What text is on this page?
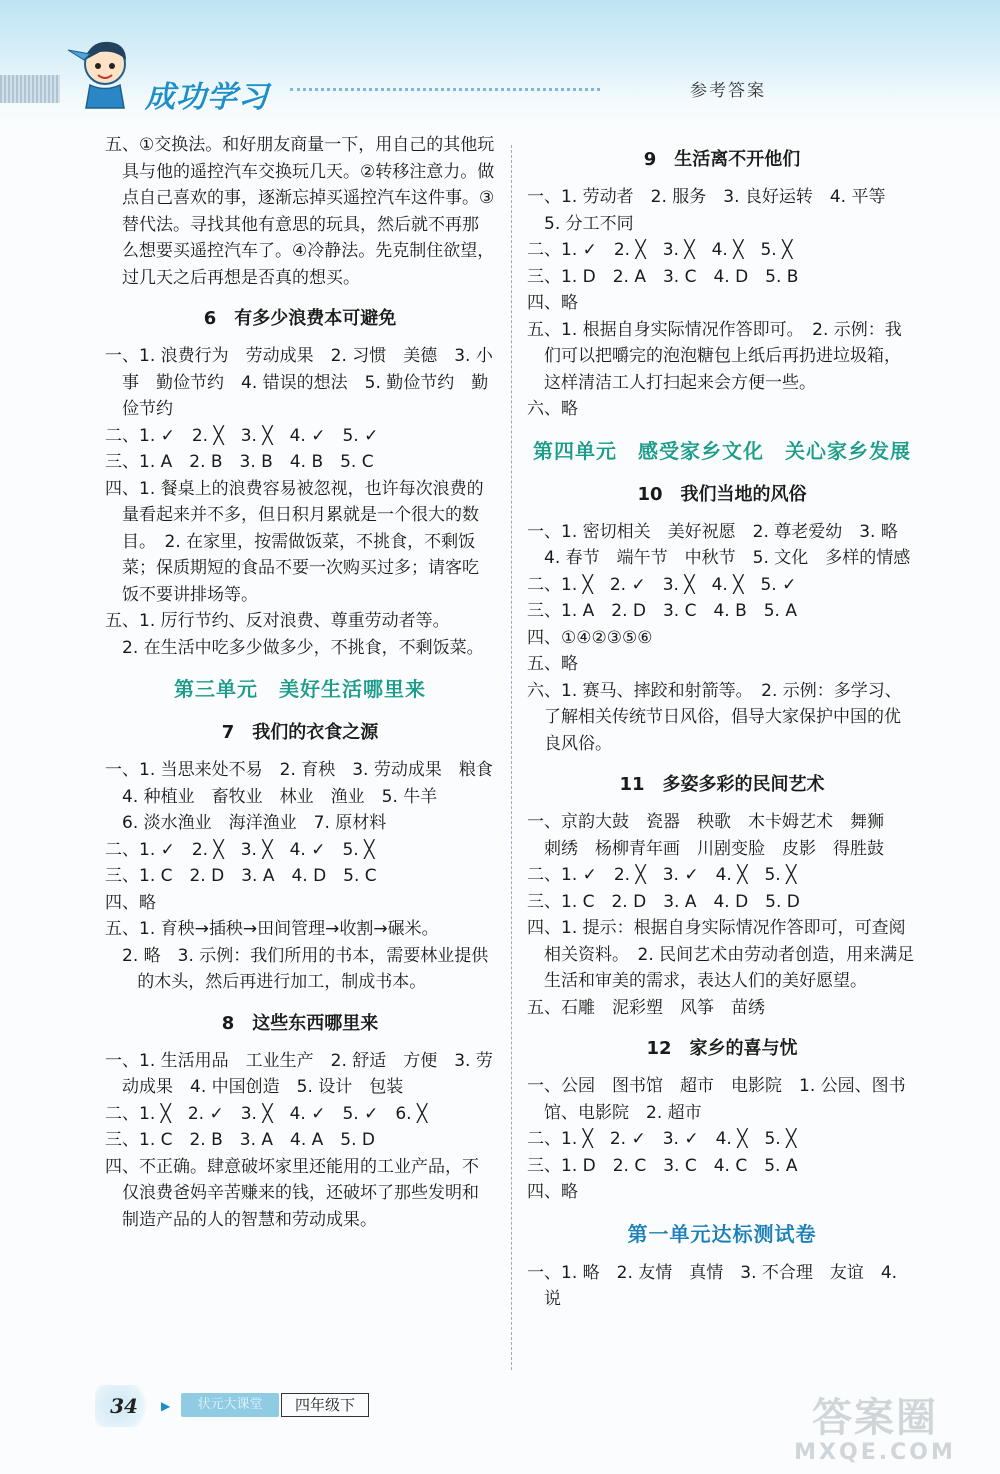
成功学习	参考答案

五、①交换法。和好朋友商量一下，用自己的其他玩具与他的遥控汽车交换玩几天。②转移注意力。做点自己喜欢的事，逐渐忘掉买遥控汽车这件事。③替代法。寻找其他有意思的玩具，然后就不再那么想要买遥控汽车了。④冷静法。先克制住欲望，过几天之后再想是否真的想买。

6　有多少浪费本可避免

一、1. 浪费行为　劳动成果　2. 习惯　美德　3. 小事　勤俭节约　4. 错误的想法　5. 勤俭节约　勤俭节约

二、1. ✓　2. ╳　3. ╳　4. ✓　5. ✓

三、1. A　2. B　3. B　4. B　5. C

四、1. 餐桌上的浪费容易被忽视，也许每次浪费的量看起来并不多，但日积月累就是一个很大的数目。　2. 在家里，按需做饭菜，不挑食，不剩饭菜；保质期短的食品不要一次购买过多；请客吃饭不要讲排场等。

五、1. 厉行节约、反对浪费、尊重劳动者等。

2. 在生活中吃多少做多少，不挑食，不剩饭菜。

第三单元　美好生活哪里来
7　我们的衣食之源

一、1. 当思来处不易　2. 育秧　3. 劳动成果　粮食

4. 种植业　畜牧业　林业　渔业　5. 牛羊

6. 淡水渔业　海洋渔业　7. 原材料

二、1. ✓　2. ╳　3. ╳　4. ✓　5. ╳

三、1. C　2. D　3. A　4. D　5. C

四、略

五、1. 育秧→插秧→田间管理→收割→碾米。

2. 略　3. 示例：我们所用的书本，需要林业提供的木头，然后再进行加工，制成书本。

8　这些东西哪里来

一、1. 生活用品　工业生产　2. 舒适　方便　3. 劳动成果　4. 中国创造　5. 设计　包装

二、1. ╳　2. ✓　3. ╳　4. ✓　5. ✓　6. ╳

三、1. C　2. B　3. A　4. A　5. D

四、不正确。肆意破坏家里还能用的工业产品，不仅浪费爸妈辛苦赚来的钱，还破坏了那些发明和制造产品的人的智慧和劳动成果。

9　生活离不开他们

一、1. 劳动者　2. 服务　3. 良好运转　4. 平等

5. 分工不同

二、1. ✓　2. ╳　3. ╳　4. ╳　5. ╳

三、1. D　2. A　3. C　4. D　5. B

四、略

五、1. 根据自身实际情况作答即可。　2. 示例：我们可以把嚼完的泡泡糖包上纸后再扔进垃圾箱，这样清洁工人打扫起来会方便一些。

六、略

第四单元　感受家乡文化　关心家乡发展
10　我们当地的风俗

一、1. 密切相关　美好祝愿　2. 尊老爱幼　3. 略

4. 春节　端午节　中秋节　5. 文化　多样的情感

二、1. ╳　2. ✓　3. ╳　4. ╳　5. ✓

三、1. A　2. D　3. C　4. B　5. A

四、①④②③⑤⑥

五、略

六、1. 赛马、摔跤和射箭等。　2. 示例：多学习、了解相关传统节日风俗，倡导大家保护中国的优良风俗。

11　多姿多彩的民间艺术

一、京韵大鼓　瓷器　秧歌　木卡姆艺术　舞狮

刺绣　杨柳青年画　川剧变脸　皮影　得胜鼓

二、1. ✓　2. ╳　3. ✓　4. ╳　5. ╳

三、1. C　2. D　3. A　4. D　5. D

四、1. 提示：根据自身实际情况作答即可，可查阅相关资料。　2. 民间艺术由劳动者创造，用来满足生活和审美的需求，表达人们的美好愿望。

五、石雕　泥彩塑　风筝　苗绣

12　家乡的喜与忧

一、公园　图书馆　超市　电影院　1. 公园、图书馆、电影院　2. 超市

二、1. ╳　2. ✓　3. ✓　4. ╳　5. ╳

三、1. D　2. C　3. C　4. C　5. A

四、略

第一单元达标测试卷

一、1. 略　2. 友情　真情　3. 不合理　友谊　4. 说

34	▶	状元大课堂	四年级下	答案圈
MXQE.COM
